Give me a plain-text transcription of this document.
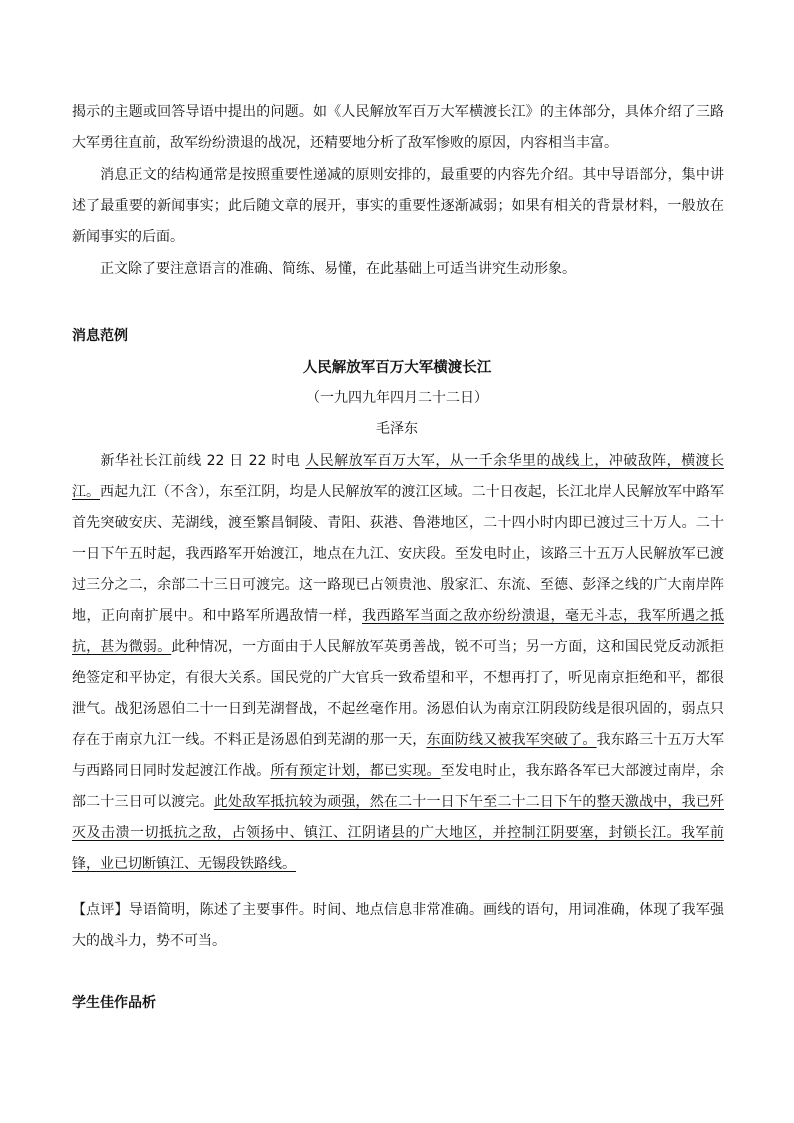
揭示的主题或回答导语中提出的问题。如《人民解放军百万大军横渡长江》的主体部分，具体介绍了三路大军勇往直前，敌军纷纷溃退的战况，还精要地分析了敌军惨败的原因，内容相当丰富。

消息正文的结构通常是按照重要性递减的原则安排的，最重要的内容先介绍。其中导语部分，集中讲述了最重要的新闻事实；此后随文章的展开，事实的重要性逐渐减弱；如果有相关的背景材料，一般放在新闻事实的后面。

正文除了要注意语言的准确、简练、易懂，在此基础上可适当讲究生动形象。

消息范例

人民解放军百万大军横渡长江

（一九四九年四月二十二日）

毛泽东

新华社长江前线 22 日 22 时电 人民解放军百万大军，从一千余华里的战线上，冲破敌阵，横渡长江。西起九江（不含），东至江阴，均是人民解放军的渡江区域。二十日夜起，长江北岸人民解放军中路军首先突破安庆、芜湖线，渡至繁昌铜陵、青阳、荻港、鲁港地区，二十四小时内即已渡过三十万人。二十一日下午五时起，我西路军开始渡江，地点在九江、安庆段。至发电时止，该路三十五万人民解放军已渡过三分之二，余部二十三日可渡完。这一路现已占领贵池、殷家汇、东流、至德、彭泽之线的广大南岸阵地，正向南扩展中。和中路军所遇敌情一样，我西路军当面之敌亦纷纷溃退，毫无斗志，我军所遇之抵抗，甚为微弱。此种情况，一方面由于人民解放军英勇善战，锐不可当；另一方面，这和国民党反动派拒绝签定和平协定，有很大关系。国民党的广大官兵一致希望和平，不想再打了，听见南京拒绝和平，都很泄气。战犯汤恩伯二十一日到芜湖督战，不起丝毫作用。汤恩伯认为南京江阴段防线是很巩固的，弱点只存在于南京九江一线。不料正是汤恩伯到芜湖的那一天，东面防线又被我军突破了。我东路三十五万大军与西路同日同时发起渡江作战。所有预定计划，都已实现。至发电时止，我东路各军已大部渡过南岸，余部二十三日可以渡完。此处敌军抵抗较为顽强，然在二十一日下午至二十二日下午的整天激战中，我已歼灭及击溃一切抵抗之敌，占领扬中、镇江、江阴诸县的广大地区，并控制江阴要塞，封锁长江。我军前锋，业已切断镇江、无锡段铁路线。

【点评】导语简明，陈述了主要事件。时间、地点信息非常准确。画线的语句，用词准确，体现了我军强大的战斗力，势不可当。

学生佳作品析
